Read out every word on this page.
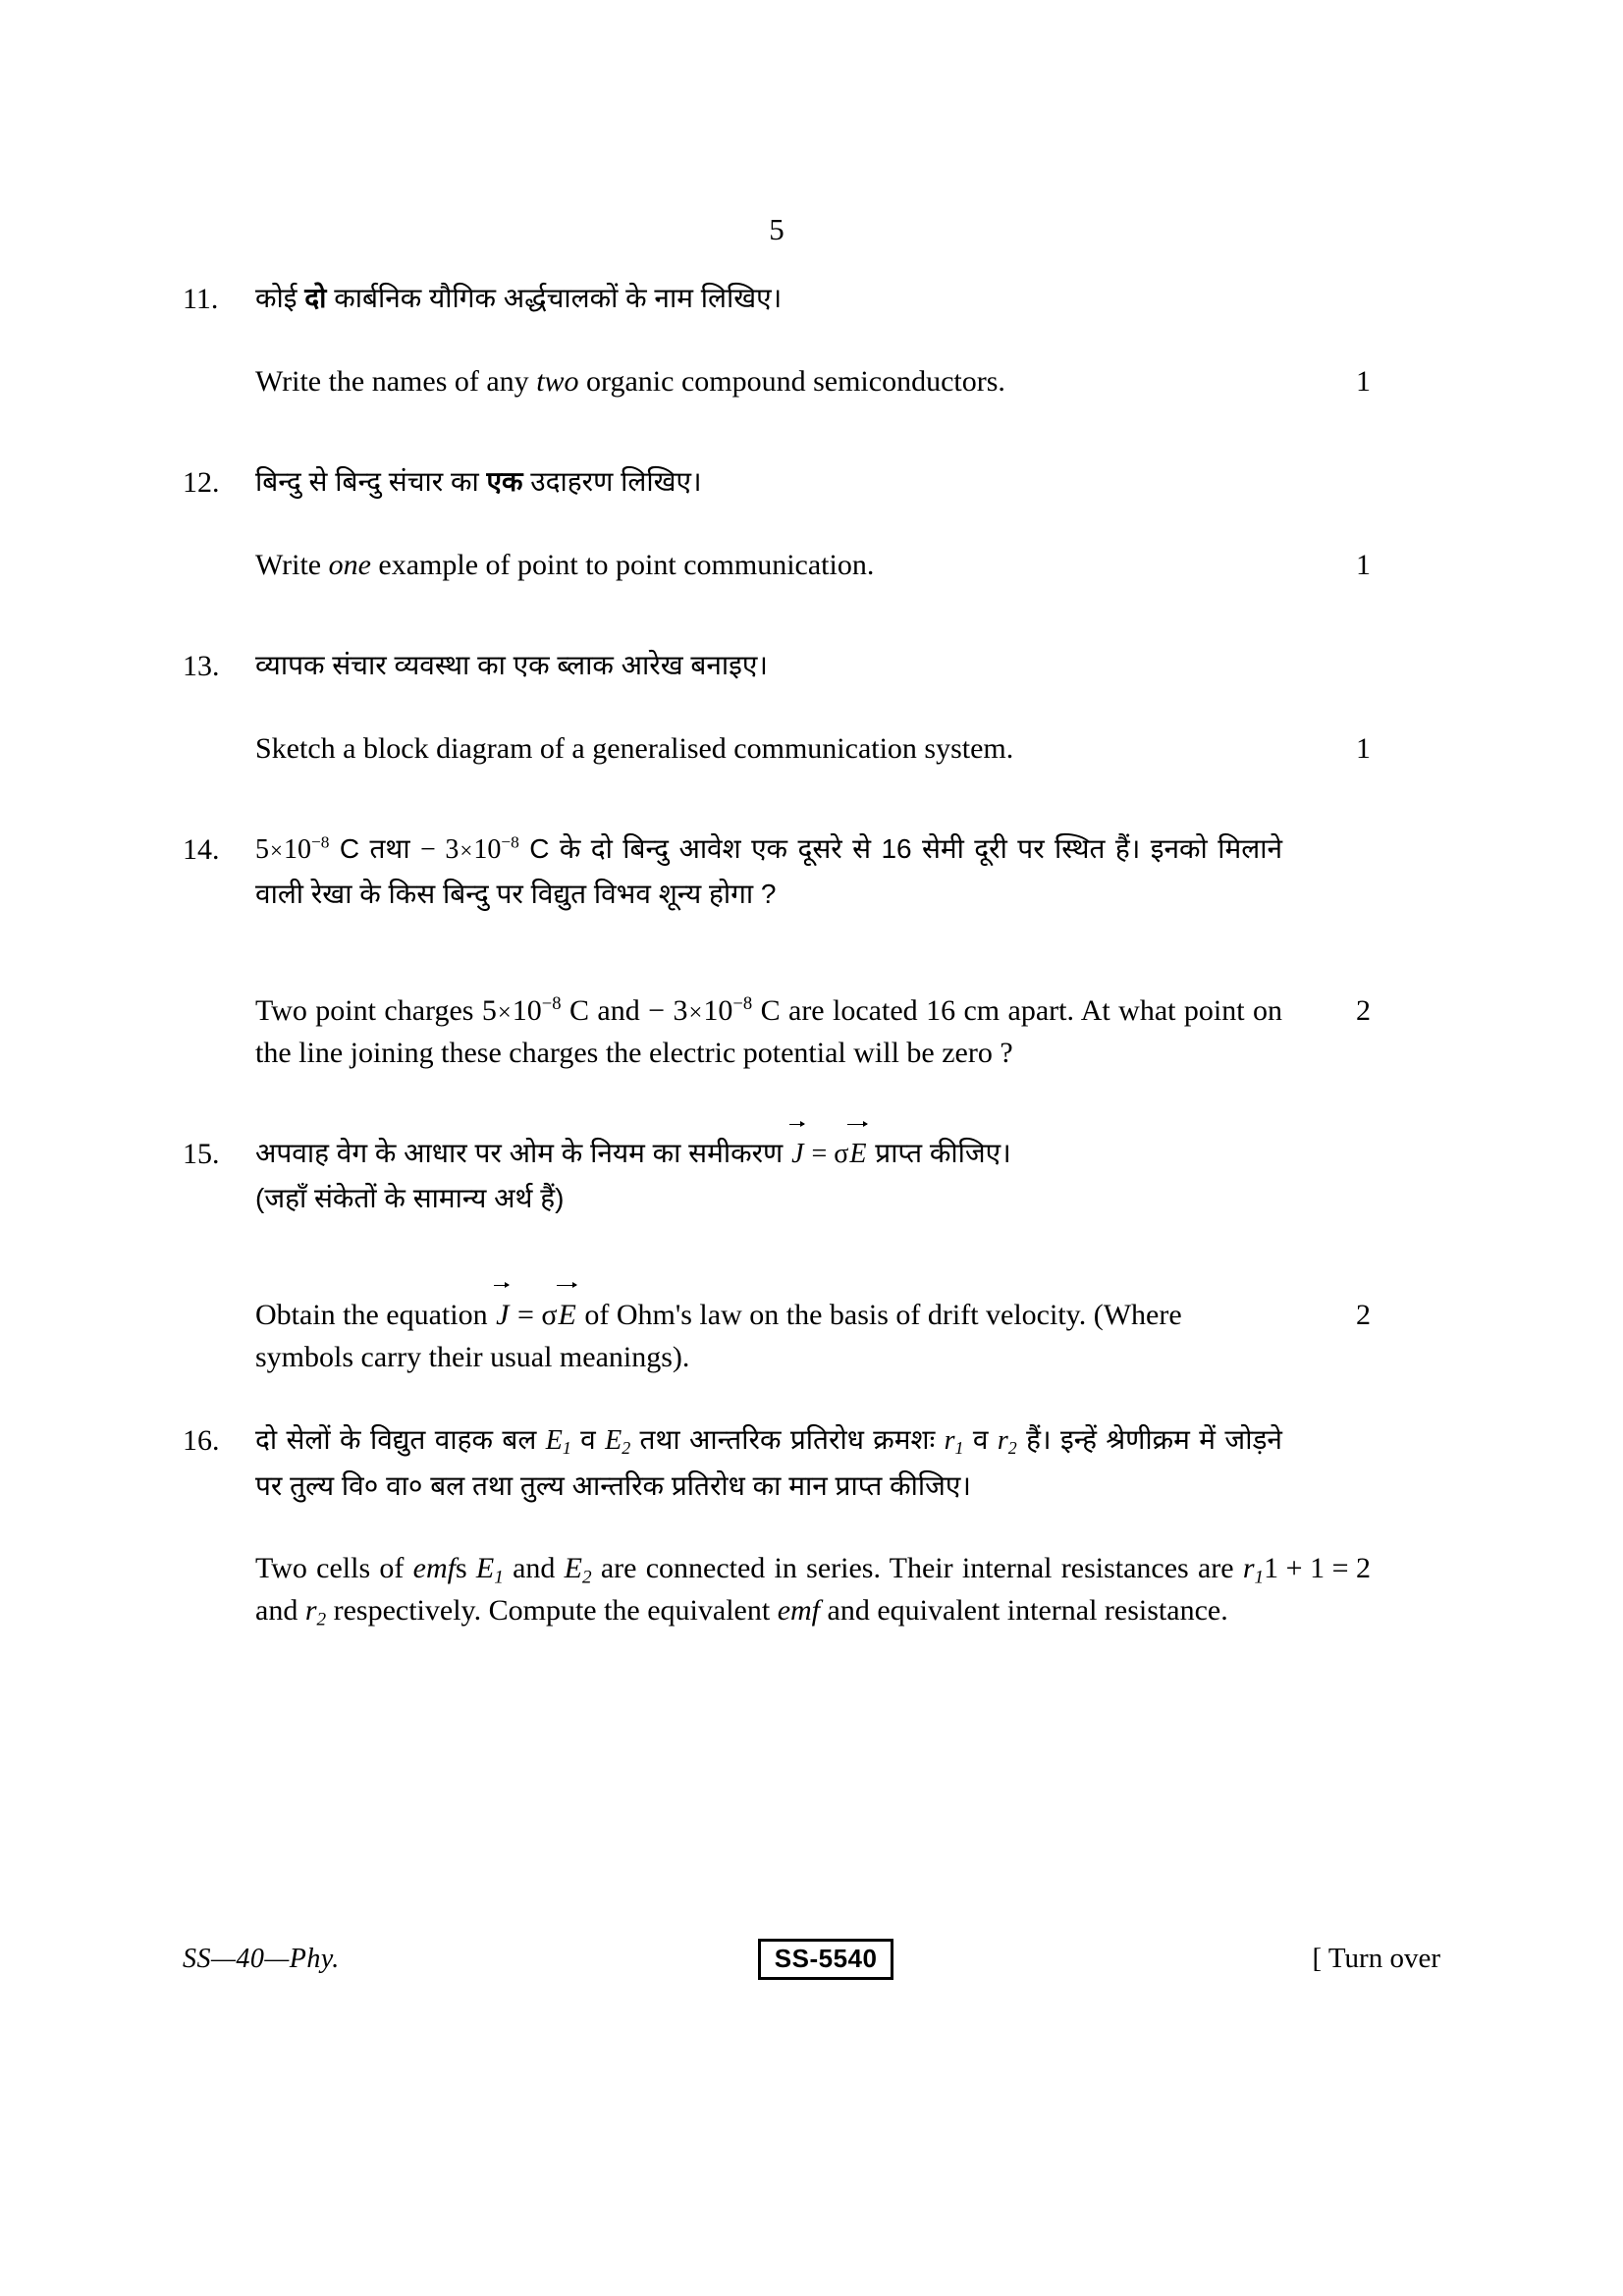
5
11.	कोई दो कार्बनिक यौगिक अर्द्धचालकों के नाम लिखिए।
Write the names of any two organic compound semiconductors.	1
12.	बिन्दु से बिन्दु संचार का एक उदाहरण लिखिए।
Write one example of point to point communication.	1
13.	व्यापक संचार व्यवस्था का एक ब्लाक आरेख बनाइए।
Sketch a block diagram of a generalised communication system.	1
14.	$5\times 10^{-8}$ C तथा − $3\times 10^{-8}$ C के दो बिन्दु आवेश एक दूसरे से 16 सेमी दूरी पर स्थित हैं। इनको मिलाने वाली रेखा के किस बिन्दु पर विद्युत विभव शून्य होगा ?
Two point charges $5\times 10^{-8}$ C and − $3\times 10^{-8}$ C are located 16 cm apart. At what point on the line joining these charges the electric potential will be zero ?
2
15.	अपवाह वेग के आधार पर ओम के नियम का समीकरण J = σE प्राप्त कीजिए।
(जहाँ संकेतों के सामान्य अर्थ हैं)
Obtain the equation J = σE of Ohm's law on the basis of drift velocity. (Where symbols carry their usual meanings).
2
16.	दो सेलों के विद्युत वाहक बल $E_1$ व $E_2$ तथा आन्तरिक प्रतिरोध क्रमशः $r_1$ व $r_2$ हैं। इन्हें श्रेणीक्रम में जोड़ने पर तुल्य वि० वा० बल तथा तुल्य आन्तरिक प्रतिरोध का मान प्राप्त कीजिए।
Two cells of emfs $E_1$ and $E_2$ are connected in series. Their internal resistances are $r_1$ and $r_2$ respectively. Compute the equivalent emf and equivalent internal resistance.
1 + 1 = 2
SS—40—Phy.	SS-5540	[ Turn over
